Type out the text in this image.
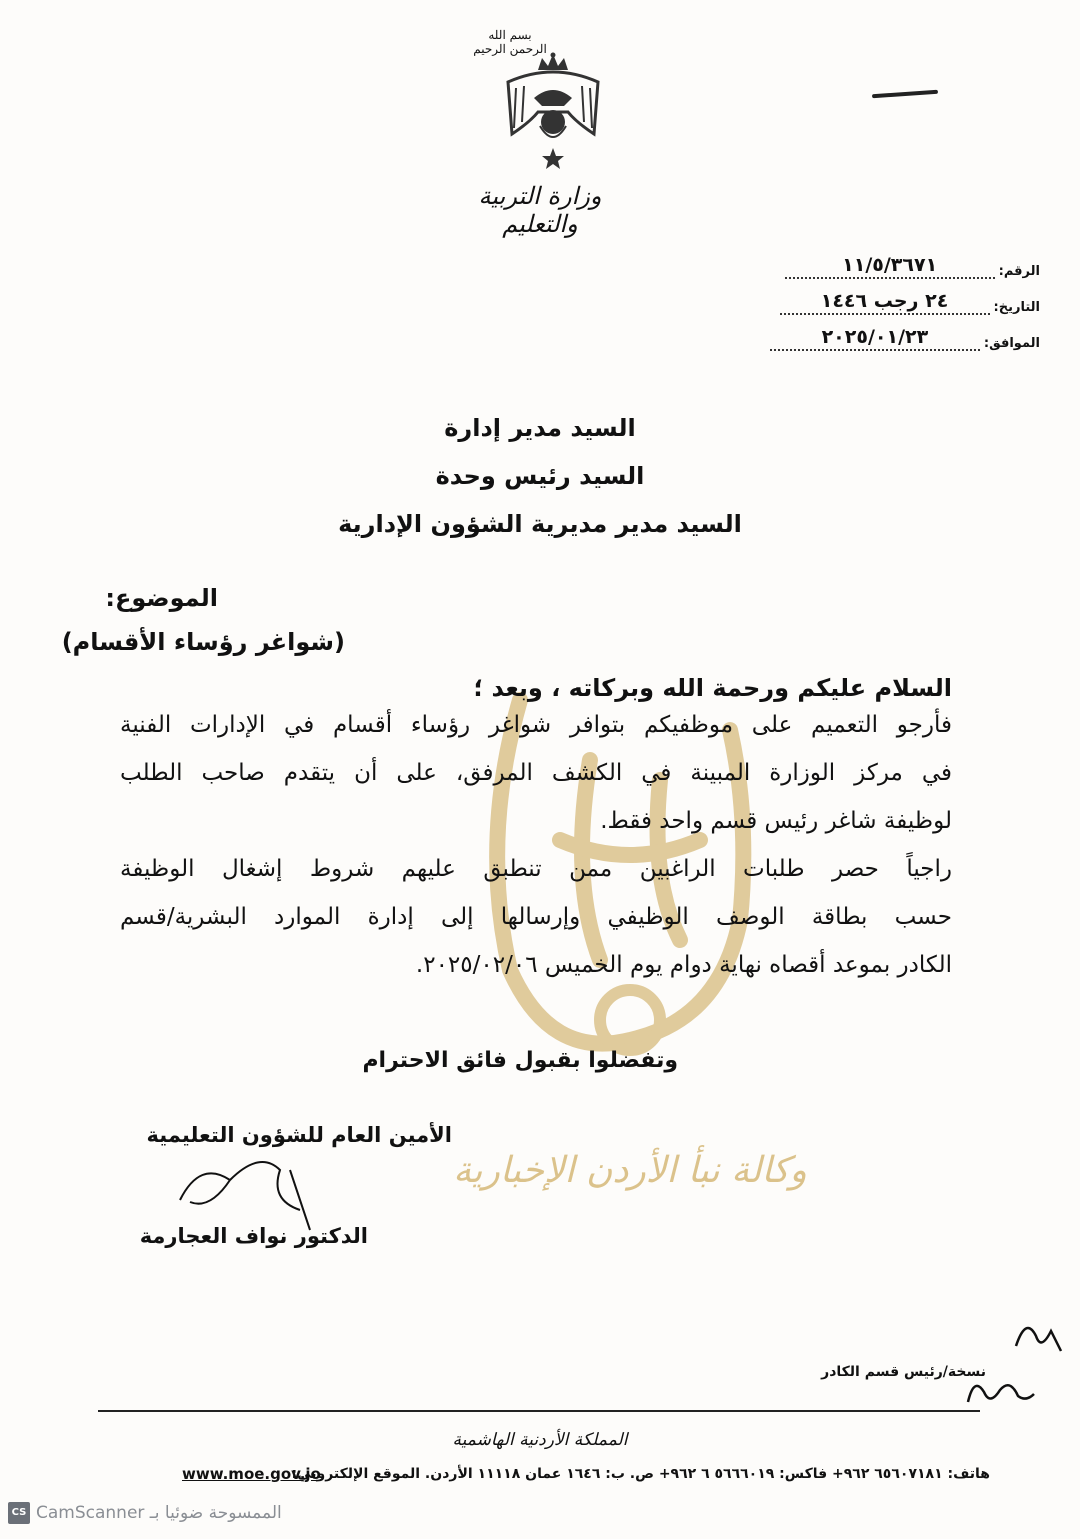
بسم الله الرحمن الرحيم
وزارة التربية والتعليم
الرقم:
١١/٥/٣٦٧١
التاريخ:
٢٤ رجب ١٤٤٦
الموافق:
٢٠٢٥/٠١/٢٣
السيد مدير إدارة
السيد رئيس وحدة
السيد مدير مديرية الشؤون الإدارية
الموضوع:
(شواغر رؤساء الأقسام)
السلام عليكم ورحمة الله وبركاته ، وبعد ؛
فأرجو التعميم على موظفيكم بتوافر شواغر رؤساء أقسام في الإدارات الفنية
في مركز الوزارة المبينة في الكشف المرفق، على أن يتقدم صاحب الطلب
لوظيفة شاغر رئيس قسم واحد فقط.
راجياً حصر طلبات الراغبين ممن تنطبق عليهم شروط إشغال الوظيفة
حسب بطاقة الوصف الوظيفي وإرسالها إلى إدارة الموارد البشرية/قسم
الكادر بموعد أقصاه نهاية دوام يوم الخميس ٢٠٢٥/٠٢/٠٦.
وتفضلوا بقبول فائق الاحترام
وكالة نبأ الأردن الإخبارية
الأمين العام للشؤون التعليمية
الدكتور نواف العجارمة
نسخة/رئيس قسم الكادر
المملكة الأردنية الهاشمية
هاتف: ٦٥٦٠٧١٨١ ٩٦٢+ فاكس: ٥٦٦٦٠١٩ ٦ ٩٦٢+ ص. ب: ١٦٤٦ عمان ١١١١٨ الأردن. الموقع الإلكتروني:
www.moe.gov.jo
CS الممسوحة ضوئيا بـ CamScanner
